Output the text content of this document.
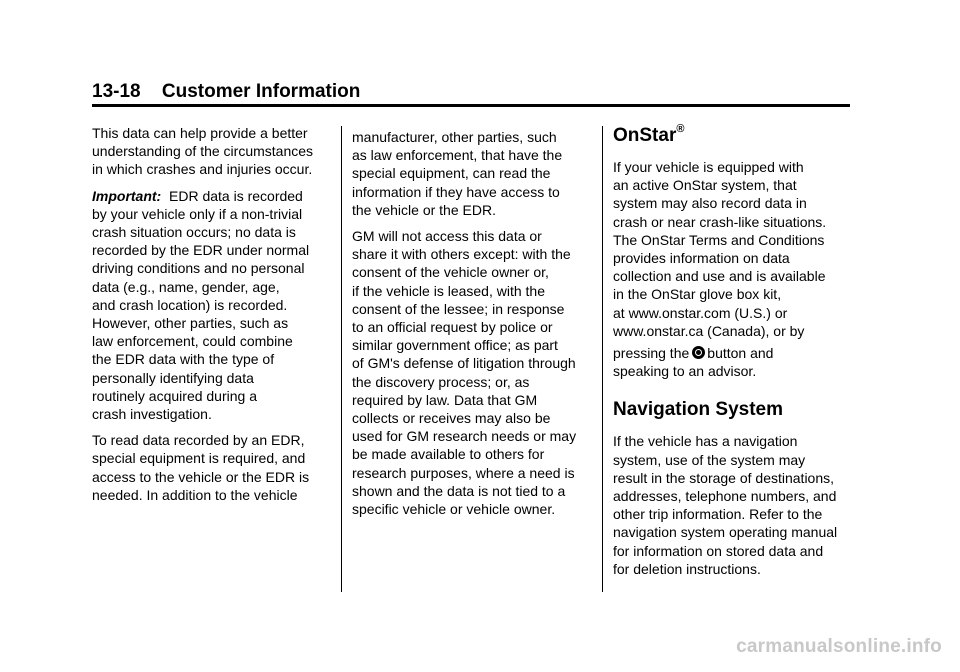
13-18 Customer Information

This data can help provide a better
understanding of the circumstances
in which crashes and injuries occur.

Important: EDR data is recorded
by your vehicle only if a non-trivial
crash situation occurs; no data is
recorded by the EDR under normal
driving conditions and no personal
data (e.g., name, gender, age,
and crash location) is recorded.
However, other parties, such as
law enforcement, could combine
the EDR data with the type of
personally identifying data
routinely acquired during a
crash investigation.

To read data recorded by an EDR,
special equipment is required, and
access to the vehicle or the EDR is
needed. In addition to the vehicle

manufacturer, other parties, such
as law enforcement, that have the
special equipment, can read the
information if they have access to
the vehicle or the EDR.

GM will not access this data or
share it with others except: with the
consent of the vehicle owner or,
if the vehicle is leased, with the
consent of the lessee; in response
to an official request by police or
similar government office; as part
of GM's defense of litigation through
the discovery process; or, as
required by law. Data that GM
collects or receives may also be
used for GM research needs or may
be made available to others for
research purposes, where a need is
shown and the data is not tied to a
specific vehicle or vehicle owner.

OnStar®

If your vehicle is equipped with
an active OnStar system, that
system may also record data in
crash or near crash-like situations.
The OnStar Terms and Conditions
provides information on data
collection and use and is available
in the OnStar glove box kit,
at www.onstar.com (U.S.) or
www.onstar.ca (Canada), or by
pressing the button and
speaking to an advisor.

Navigation System

If the vehicle has a navigation
system, use of the system may
result in the storage of destinations,
addresses, telephone numbers, and
other trip information. Refer to the
navigation system operating manual
for information on stored data and
for deletion instructions.

carmanualsonline.info
